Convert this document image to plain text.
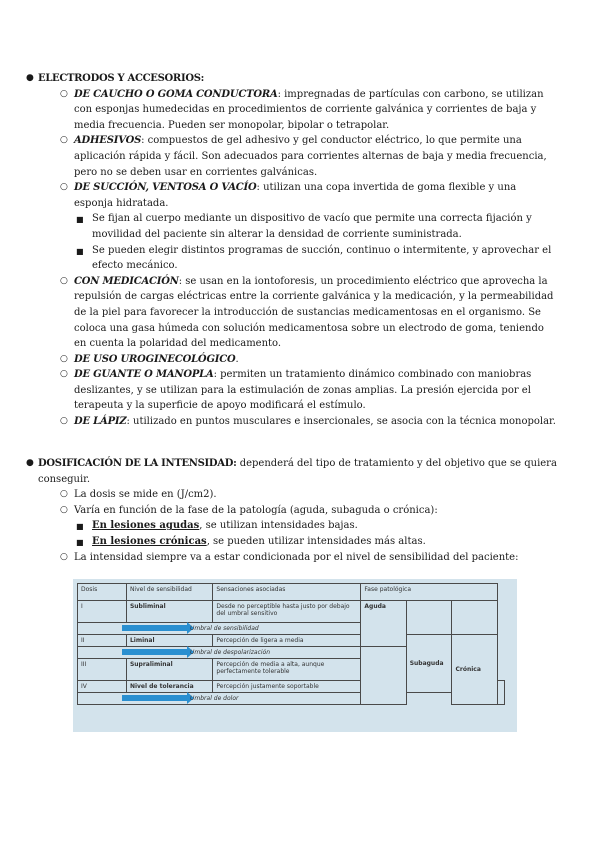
● ELECTRODOS Y ACCESORIOS:

○ DE CAUCHO O GOMA CONDUCTORA: impregnadas de partículas con carbono, se utilizan con esponjas humedecidas en procedimientos de corriente galvánica y corrientes de baja y media frecuencia. Pueden ser monopolar, bipolar o tetrapolar.

○ ADHESIVOS: compuestos de gel adhesivo y gel conductor eléctrico, lo que permite una aplicación rápida y fácil. Son adecuados para corrientes alternas de baja y media frecuencia, pero no se deben usar en corrientes galvánicas.

○ DE SUCCIÓN, VENTOSA O VACÍO: utilizan una copa invertida de goma flexible y una esponja hidratada.

■ Se fijan al cuerpo mediante un dispositivo de vacío que permite una correcta fijación y movilidad del paciente sin alterar la densidad de corriente suministrada.

■ Se pueden elegir distintos programas de succión, continuo o intermitente, y aprovechar el efecto mecánico.

○ CON MEDICACIÓN: se usan en la iontoforesis, un procedimiento eléctrico que aprovecha la repulsión de cargas eléctricas entre la corriente galvánica y la medicación, y la permeabilidad de la piel para favorecer la introducción de sustancias medicamentosas en el organismo. Se coloca una gasa húmeda con solución medicamentosa sobre un electrodo de goma, teniendo en cuenta la polaridad del medicamento.

○ DE USO UROGINECOLÓGICO.

○ DE GUANTE O MANOPLA: permiten un tratamiento dinámico combinado con maniobras deslizantes, y se utilizan para la estimulación de zonas amplias. La presión ejercida por el terapeuta y la superficie de apoyo modificará el estímulo.

○ DE LÁPIZ: utilizado en puntos musculares e insercionales, se asocia con la técnica monopolar.

● DOSIFICACIÓN DE LA INTENSIDAD: dependerá del tipo de tratamiento y del objetivo que se quiera conseguir.

○ La dosis se mide en (J/cm2).

○ Varía en función de la fase de la patología (aguda, subaguda o crónica):

■ En lesiones agudas, se utilizan intensidades bajas.

■ En lesiones crónicas, se pueden utilizar intensidades más altas.

○ La intensidad siempre va a estar condicionada por el nivel de sensibilidad del paciente:

Dosis	Nivel de sensibilidad	Sensaciones asociadas	Fase patológica			
I	Subliminal	Desde no perceptible hasta justo por debajo del umbral sensitivo	Aguda			

Umbral de sensibilidad						

II	Liminal	Percepción de ligera a media		Subaguda	Crónica	

Umbral de despolarización						

III	Supraliminal	Percepción de media a alta, aunque perfectamente tolerable				
IV	Nivel de tolerancia	Percepción justamente soportable				

Umbral de dolor						
